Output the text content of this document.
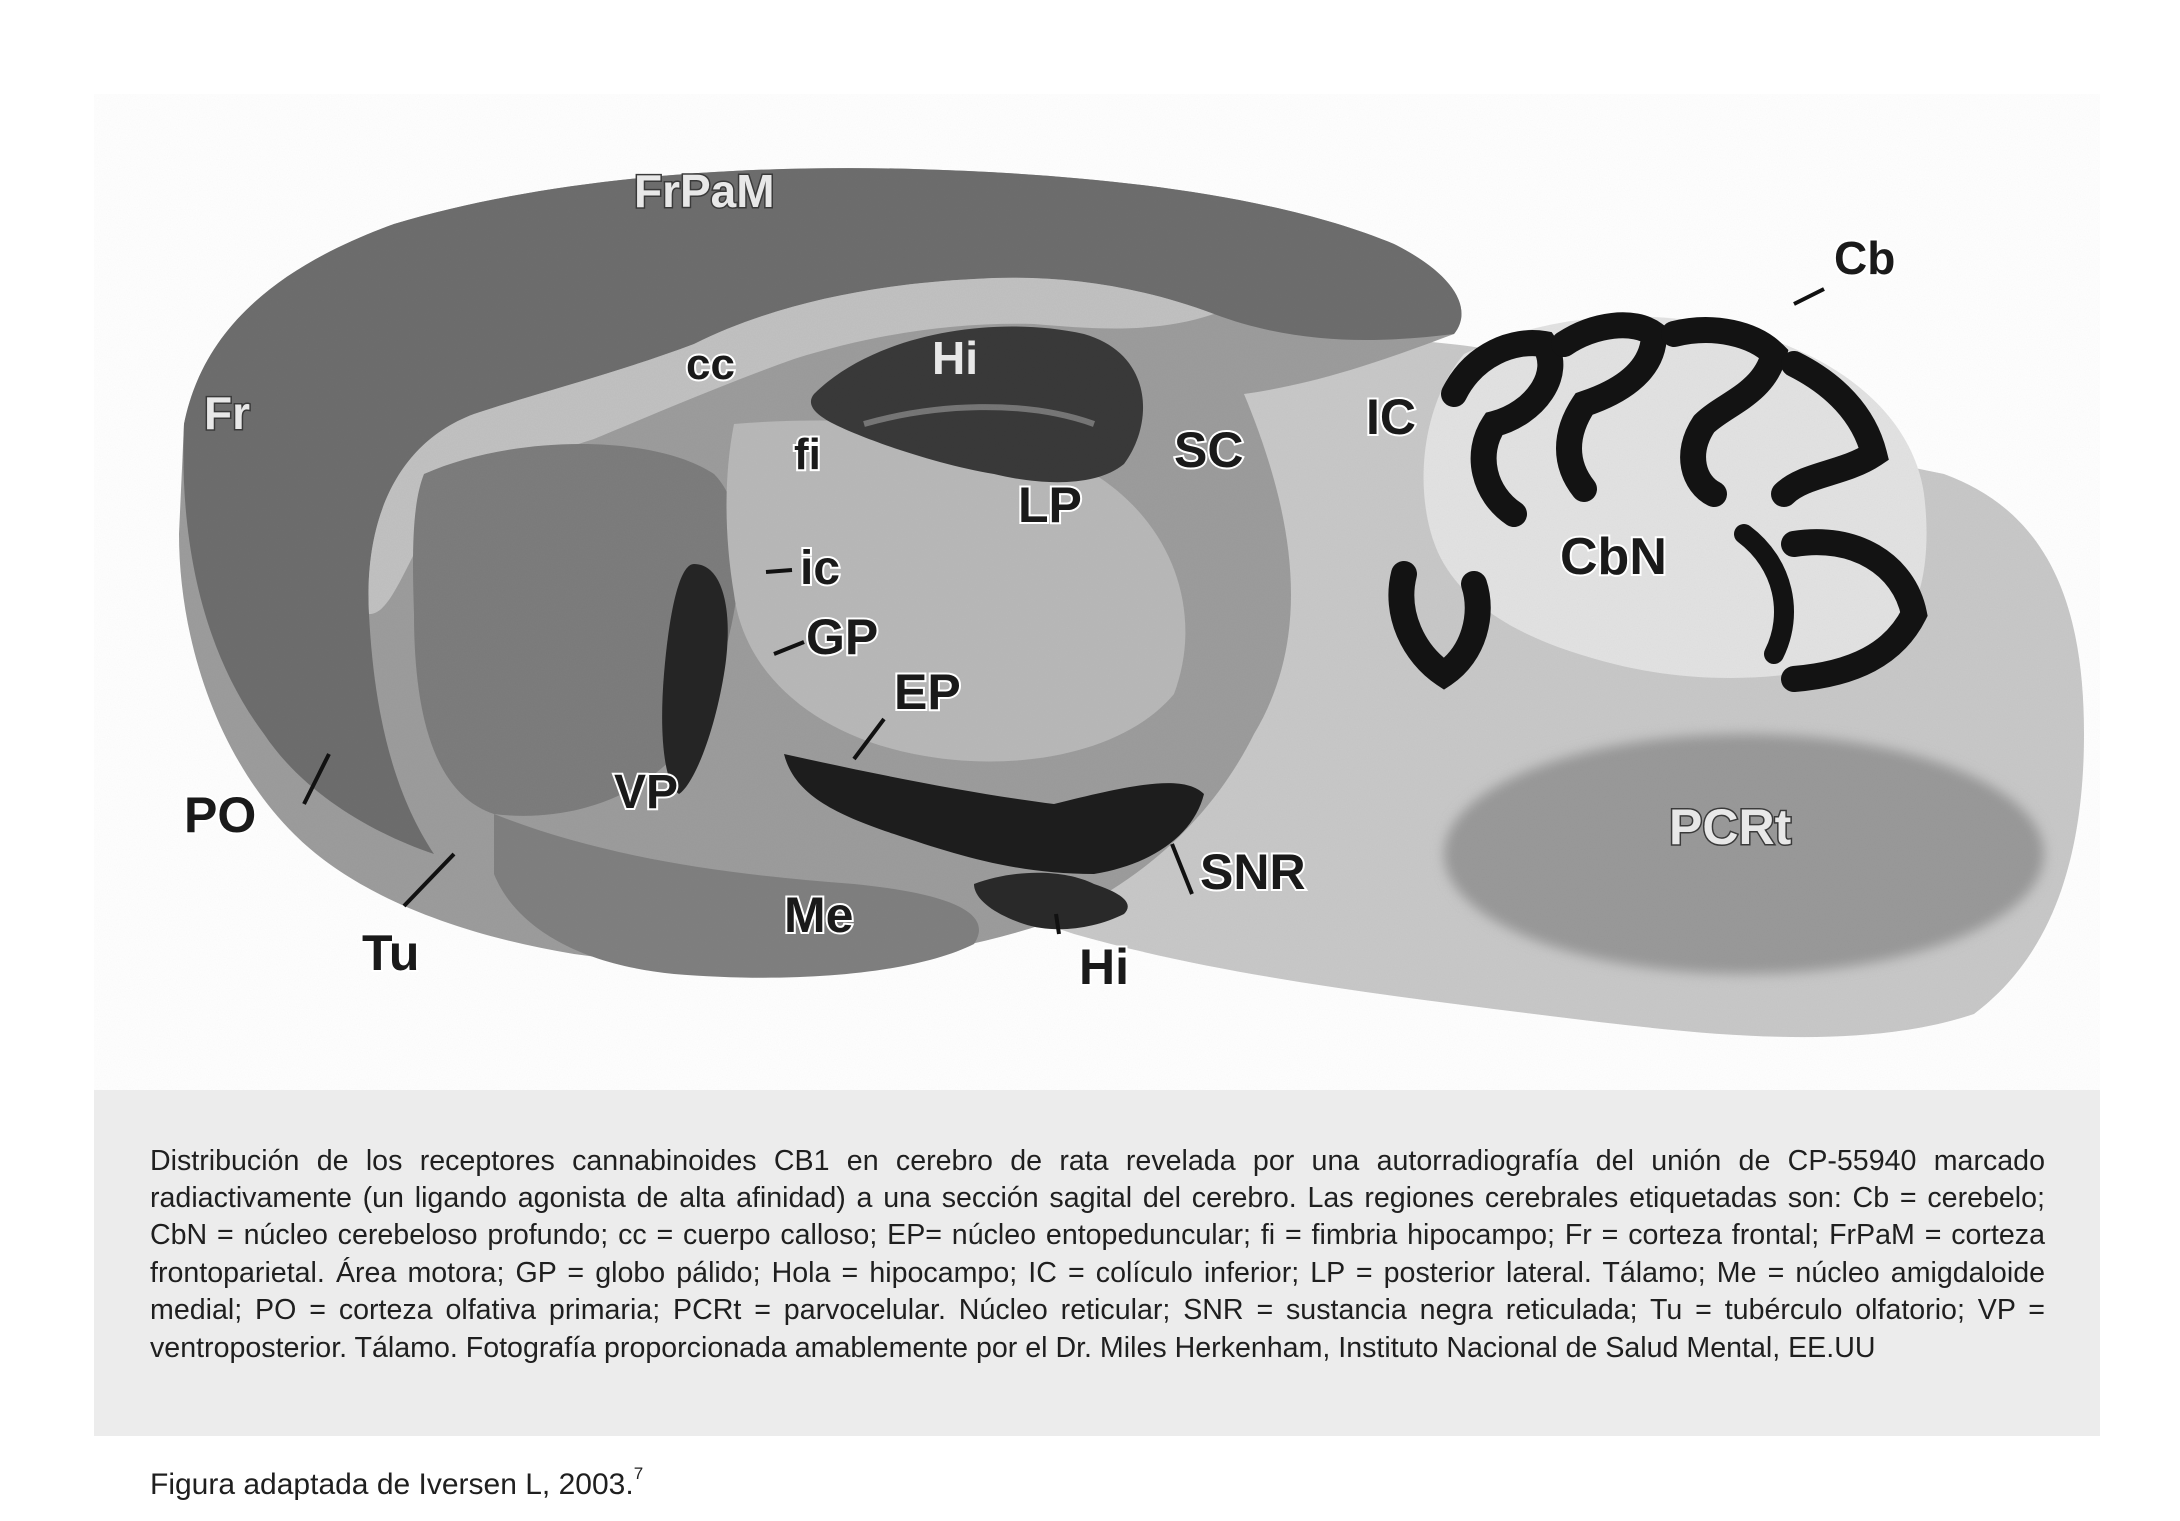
FrPaM
Cb
cc	Hi
Fr	IC
fi	SC
LP
CbN
ic
GP
EP
PO	VP
PCRt
SNR
Me
Tu	Hi

Distribución de los receptores cannabinoides CB1 en cerebro de rata revelada por una autorradiografía del unión de CP-55940 marcado radiactivamente (un ligando agonista de alta afinidad) a una sección sagital del cerebro. Las regiones cerebrales etiquetadas son: Cb = cerebelo; CbN = núcleo cerebeloso profundo; cc = cuerpo calloso; EP= núcleo entopeduncular; fi = fimbria hipocampo; Fr = corteza frontal; FrPaM = corteza frontoparietal. Área motora; GP = globo pálido; Hola = hipocampo; IC = colículo inferior; LP = posterior lateral. Tálamo; Me = núcleo amigdaloide medial; PO = corteza olfativa primaria; PCRt = parvocelular. Núcleo reticular; SNR = sustancia negra reticulada; Tu = tubérculo olfatorio; VP = ventroposterior. Tálamo. Fotografía proporcionada amablemente por el Dr. Miles Herkenham, Instituto Nacional de Salud Mental, EE.UU

Figura adaptada de Iversen L, 2003.$^7$
